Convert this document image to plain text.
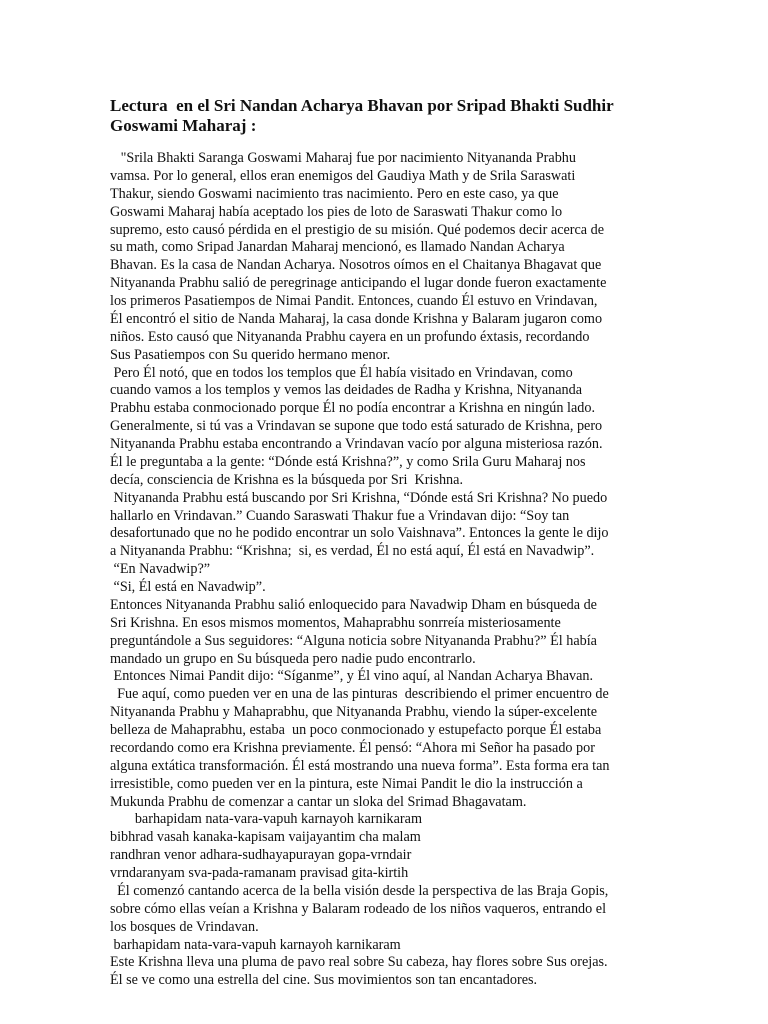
Lectura  en el Sri Nandan Acharya Bhavan por Sripad Bhakti Sudhir
Goswami Maharaj :
"Srila Bhakti Saranga Goswami Maharaj fue por nacimiento Nityananda Prabhu
vamsa. Por lo general, ellos eran enemigos del Gaudiya Math y de Srila Saraswati
Thakur, siendo Goswami nacimiento tras nacimiento. Pero en este caso, ya que
Goswami Maharaj había aceptado los pies de loto de Saraswati Thakur como lo
supremo, esto causó pérdida en el prestigio de su misión. Qué podemos decir acerca de
su math, como Sripad Janardan Maharaj mencionó, es llamado Nandan Acharya
Bhavan. Es la casa de Nandan Acharya. Nosotros oímos en el Chaitanya Bhagavat que
Nityananda Prabhu salió de peregrinage anticipando el lugar donde fueron exactamente
los primeros Pasatiempos de Nimai Pandit. Entonces, cuando Él estuvo en Vrindavan,
Él encontró el sitio de Nanda Maharaj, la casa donde Krishna y Balaram jugaron como
niños. Esto causó que Nityananda Prabhu cayera en un profundo éxtasis, recordando
Sus Pasatiempos con Su querido hermano menor.
Pero Él notó, que en todos los templos que Él había visitado en Vrindavan, como
cuando vamos a los templos y vemos las deidades de Radha y Krishna, Nityananda
Prabhu estaba conmocionado porque Él no podía encontrar a Krishna en ningún lado.
Generalmente, si tú vas a Vrindavan se supone que todo está saturado de Krishna, pero
Nityananda Prabhu estaba encontrando a Vrindavan vacío por alguna misteriosa razón.
Él le preguntaba a la gente: “Dónde está Krishna?”, y como Srila Guru Maharaj nos
decía, consciencia de Krishna es la búsqueda por Sri  Krishna.
Nityananda Prabhu está buscando por Sri Krishna, “Dónde está Sri Krishna? No puedo
hallarlo en Vrindavan.” Cuando Saraswati Thakur fue a Vrindavan dijo: “Soy tan
desafortunado que no he podido encontrar un solo Vaishnava”. Entonces la gente le dijo
a Nityananda Prabhu: “Krishna;  si, es verdad, Él no está aquí, Él está en Navadwip”.
“En Navadwip?”
“Si, Él está en Navadwip”.
Entonces Nityananda Prabhu salió enloquecido para Navadwip Dham en búsqueda de
Sri Krishna. En esos mismos momentos, Mahaprabhu sonrreía misteriosamente
preguntándole a Sus seguidores: “Alguna noticia sobre Nityananda Prabhu?” Él había
mandado un grupo en Su búsqueda pero nadie pudo encontrarlo.
Entonces Nimai Pandit dijo: “Síganme”, y Él vino aquí, al Nandan Acharya Bhavan.
Fue aquí, como pueden ver en una de las pinturas  describiendo el primer encuentro de
Nityananda Prabhu y Mahaprabhu, que Nityananda Prabhu, viendo la súper-excelente
belleza de Mahaprabhu, estaba  un poco conmocionado y estupefacto porque Él estaba
recordando como era Krishna previamente. Él pensó: “Ahora mi Señor ha pasado por
alguna extática transformación. Él está mostrando una nueva forma”. Esta forma era tan
irresistible, como pueden ver en la pintura, este Nimai Pandit le dio la instrucción a
Mukunda Prabhu de comenzar a cantar un sloka del Srimad Bhagavatam.
barhapidam nata-vara-vapuh karnayoh karnikaram
bibhrad vasah kanaka-kapisam vaijayantim cha malam
randhran venor adhara-sudhayapurayan gopa-vrndair
vrndaranyam sva-pada-ramanam pravisad gita-kirtih
Él comenzó cantando acerca de la bella visión desde la perspectiva de las Braja Gopis,
sobre cómo ellas veían a Krishna y Balaram rodeado de los niños vaqueros, entrando el
los bosques de Vrindavan.
barhapidam nata-vara-vapuh karnayoh karnikaram
Este Krishna lleva una pluma de pavo real sobre Su cabeza, hay flores sobre Sus orejas.
Él se ve como una estrella del cine. Sus movimientos son tan encantadores.
